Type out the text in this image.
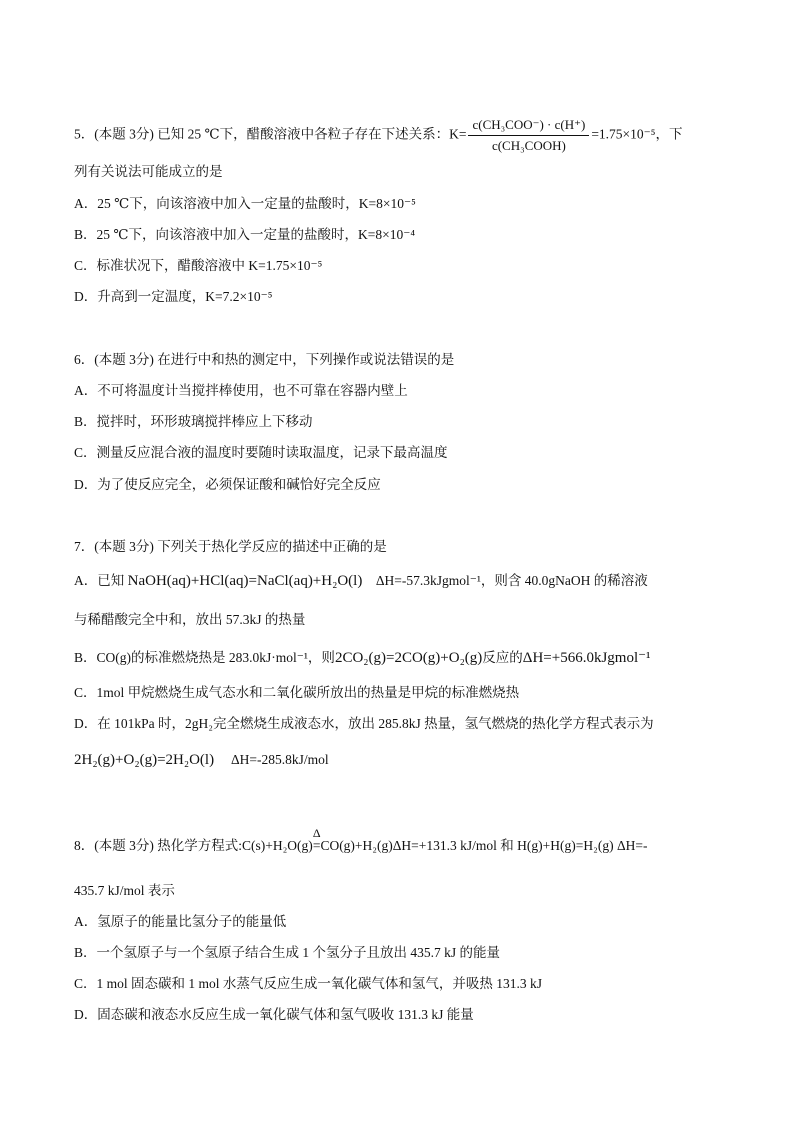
5．(本题 3分) 已知 25 ℃下，醋酸溶液中各粒子存在下述关系：$K= \frac{\text{c(CH₃COO⁻) · c(H⁺)}}{\text{c(CH₃COOH)}} =1.75\times 10^{-5}$，下
列有关说法可能成立的是
A．25 ℃下，向该溶液中加入一定量的盐酸时，K=8×10⁻⁵
B．25 ℃下，向该溶液中加入一定量的盐酸时，K=8×10⁻⁴
C．标准状况下，醋酸溶液中 K=1.75×10⁻⁵
D．升高到一定温度，K=7.2×10⁻⁵
6．(本题 3分) 在进行中和热的测定中，下列操作或说法错误的是
A．不可将温度计当搅拌棒使用，也不可靠在容器内壁上
B．搅拌时，环形玻璃搅拌棒应上下移动
C．测量反应混合液的温度时要随时读取温度，记录下最高温度
D．为了使反应完全，必须保证酸和碱恰好完全反应
7．(本题 3分) 下列关于热化学反应的描述中正确的是
A．已知 NaOH(aq)+HCl(aq)=NaCl(aq)+H₂O(l) ΔH=-57.3kJgmol⁻¹，则含 40.0gNaOH 的稀溶液
与稀醋酸完全中和，放出 57.3kJ 的热量
B．CO(g)的标准燃烧热是 283.0kJ·mol⁻¹，则2CO₂(g)=2CO(g)+O₂(g)反应的ΔH=+566.0kJgmol⁻¹
C．1mol 甲烷燃烧生成气态水和二氧化碳所放出的热量是甲烷的标准燃烧热
D．在 101kPa 时，2gH₂完全燃烧生成液态水，放出 285.8kJ 热量，氢气燃烧的热化学方程式表示为
2H₂(g)+O₂(g)=2H₂O(l) ΔH=-285.8kJ/mol
8．(本题 3分) 热化学方程式:C(s)+H₂O(g)
Δ
=CO(g)+H₂(g)ΔH=+131.3 kJ/mol 和 H(g)+H(g)=H₂(g) ΔH=-
435.7 kJ/mol 表示
A．氢原子的能量比氢分子的能量低
B．一个氢原子与一个氢原子结合生成 1 个氢分子且放出 435.7 kJ 的能量
C．1 mol 固态碳和 1 mol 水蒸气反应生成一氧化碳气体和氢气，并吸热 131.3 kJ
D．固态碳和液态水反应生成一氧化碳气体和氢气吸收 131.3 kJ 能量
